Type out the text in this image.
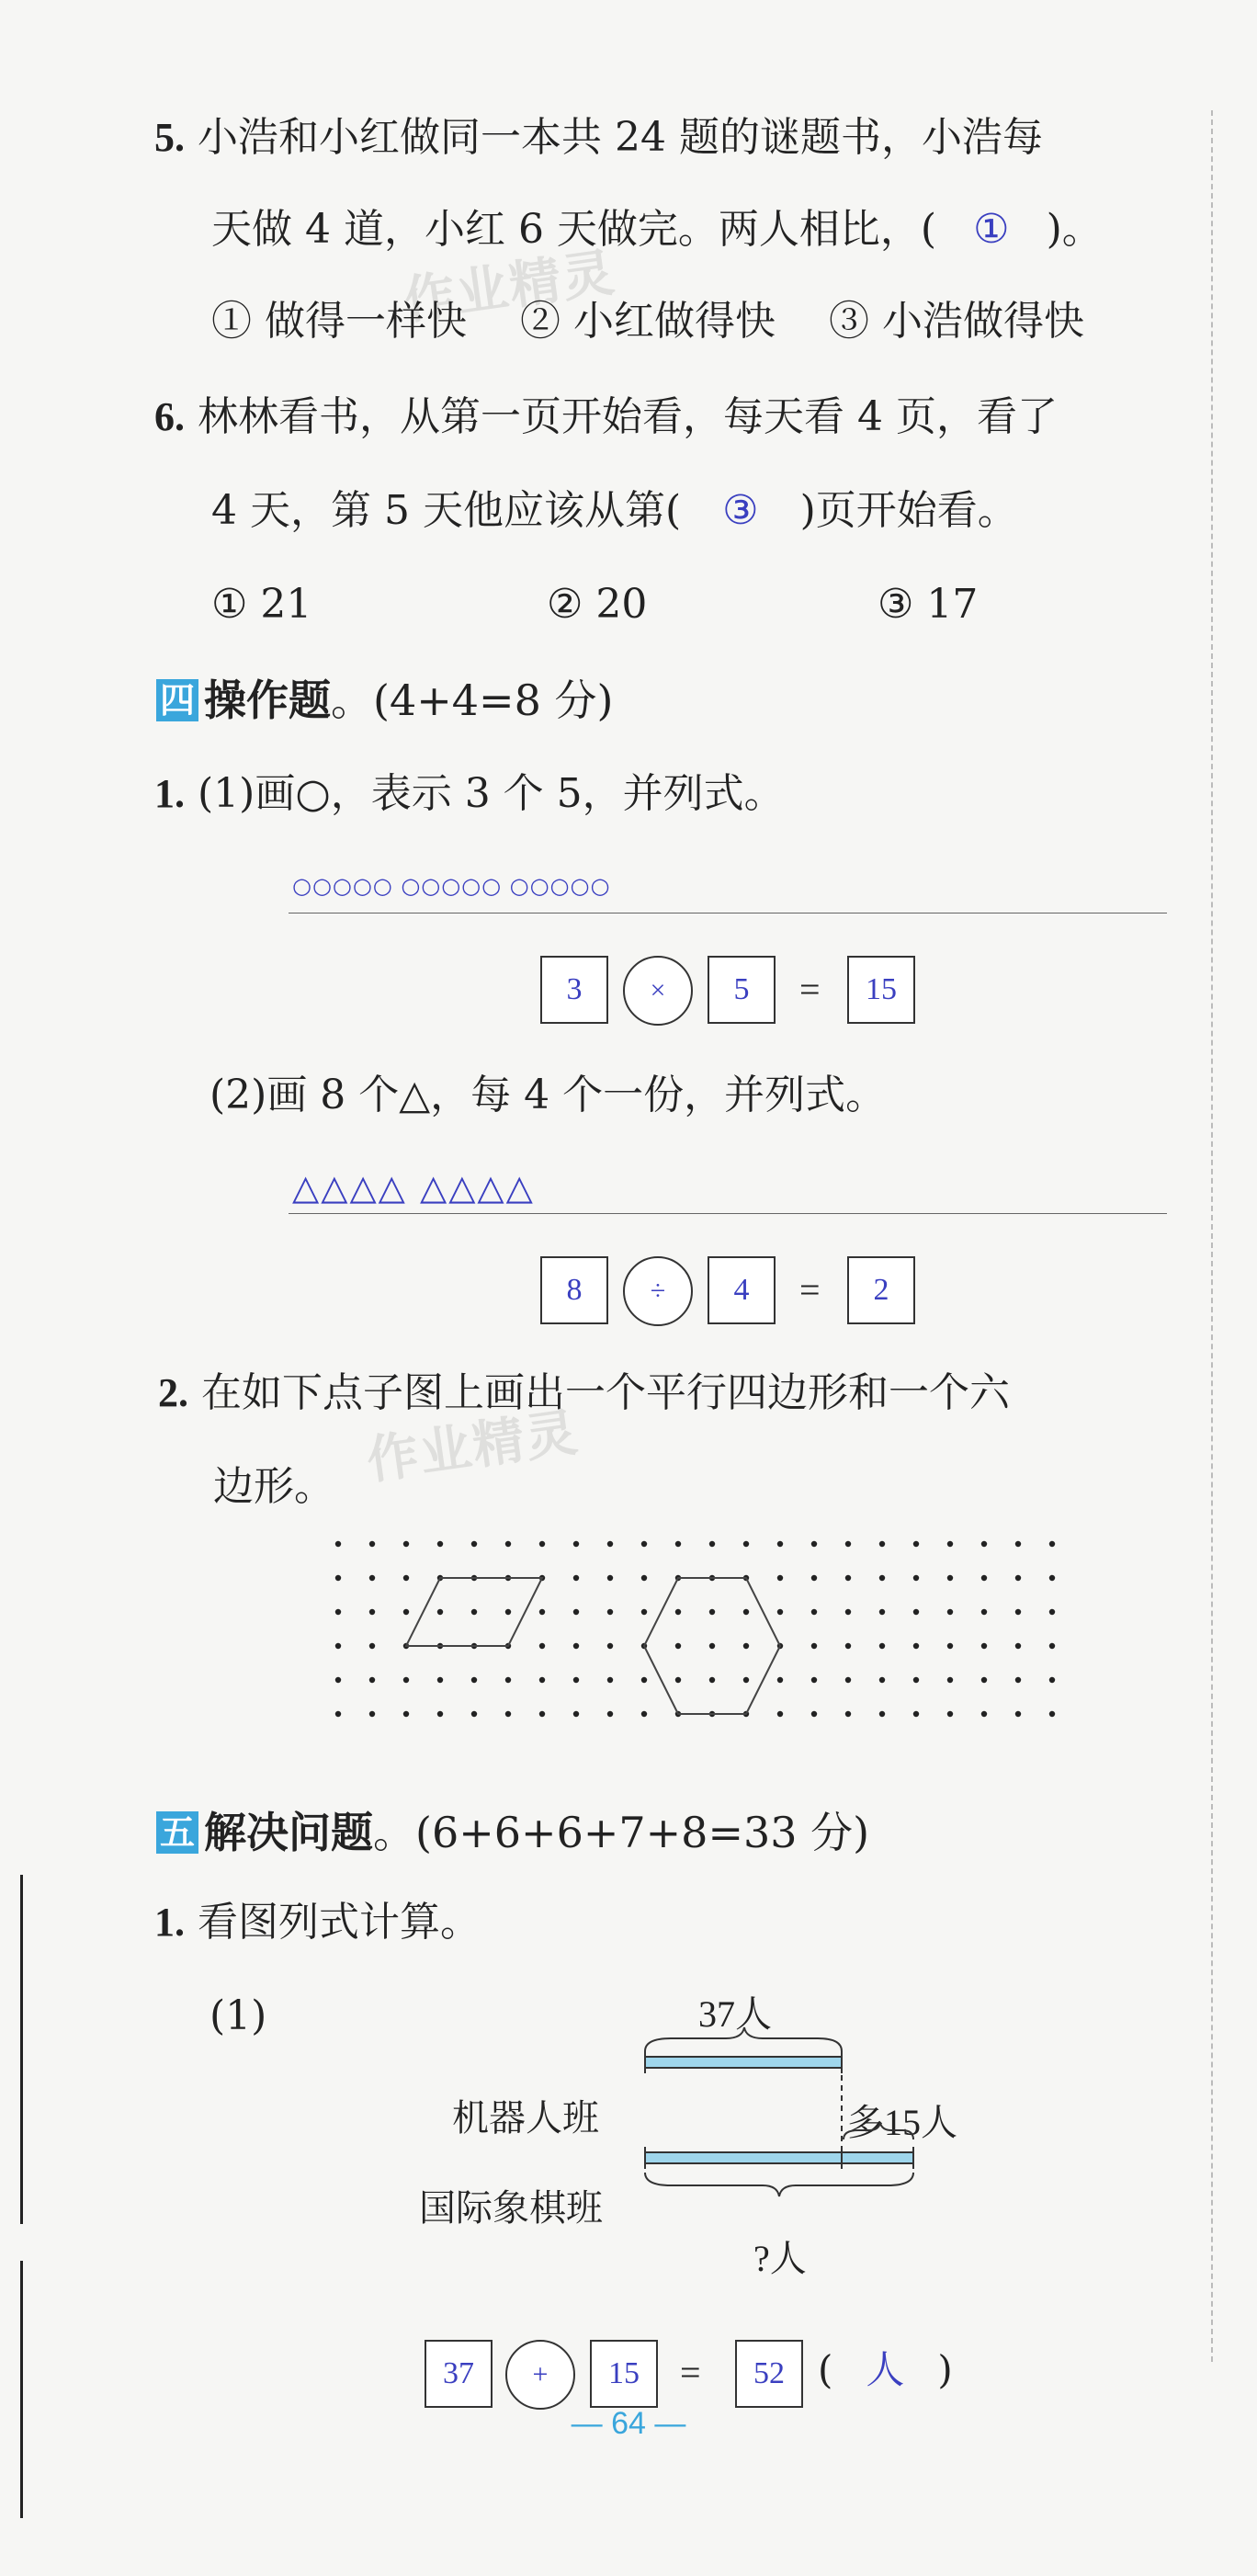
5. 小浩和小红做同一本共 24 题的谜题书，小浩每
天做 4 道，小红 6 天做完。两人相比，( ① )。
作业精灵
① 做得一样快 ② 小红做得快 ③ 小浩做得快
6. 林林看书，从第一页开始看，每天看 4 页，看了
4 天，第 5 天他应该从第( ③ )页开始看。
① 21	② 20	③ 17
四 操作题。(4+4=8 分)
1. (1)画○，表示 3 个 5，并列式。
○○○○○ ○○○○○ ○○○○○
3	×	5	=	15
(2)画 8 个△，每 4 个一份，并列式。
△△△△ △△△△
8	÷	4	=	2
2. 在如下点子图上画出一个平行四边形和一个六
作业精灵
边形。
五 解决问题。(6+6+6+7+8=33 分)
1. 看图列式计算。
(1)	37人
机器人班
国际象棋班
多15人
?人
37	+	15	=	52 ( 人 )
— 64 —
